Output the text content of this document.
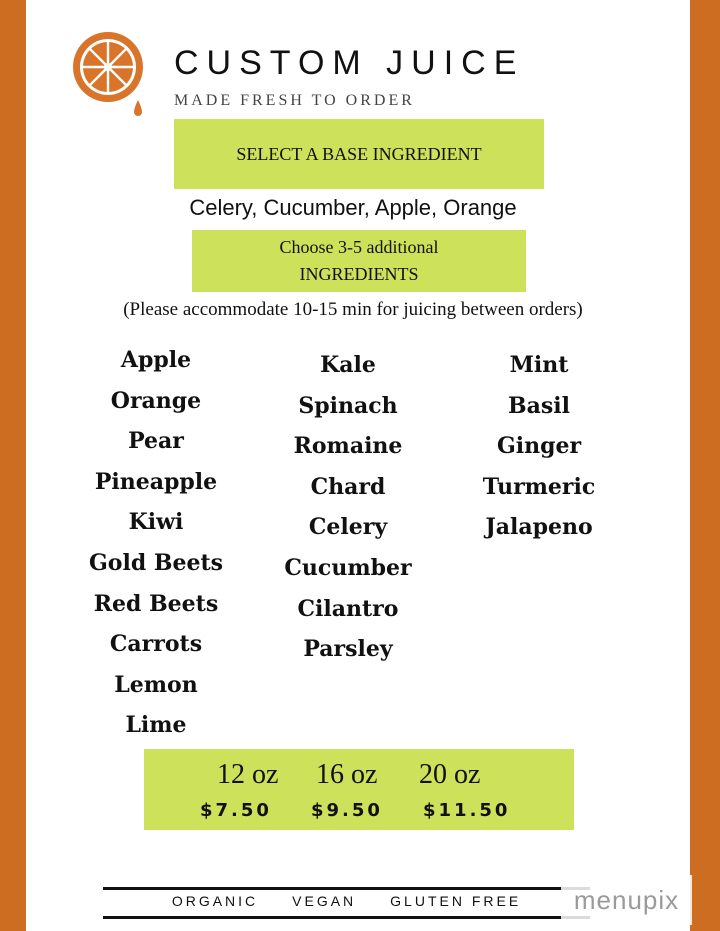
CUSTOM JUICE
MADE FRESH TO ORDER
SELECT A BASE INGREDIENT
Celery, Cucumber, Apple, Orange
Choose 3-5 additional
INGREDIENTS
(Please accommodate 10-15 min for juicing between orders)
Apple
Orange
Pear
Pineapple
Kiwi
Gold Beets
Red Beets
Carrots
Lemon
Lime
Kale
Spinach
Romaine
Chard
Celery
Cucumber
Cilantro
Parsley
Mint
Basil
Ginger
Turmeric
Jalapeno
12 oz 16 oz 20 oz
$7.50 $9.50 $11.50
ORGANIC VEGAN GLUTEN FREE	menupix
